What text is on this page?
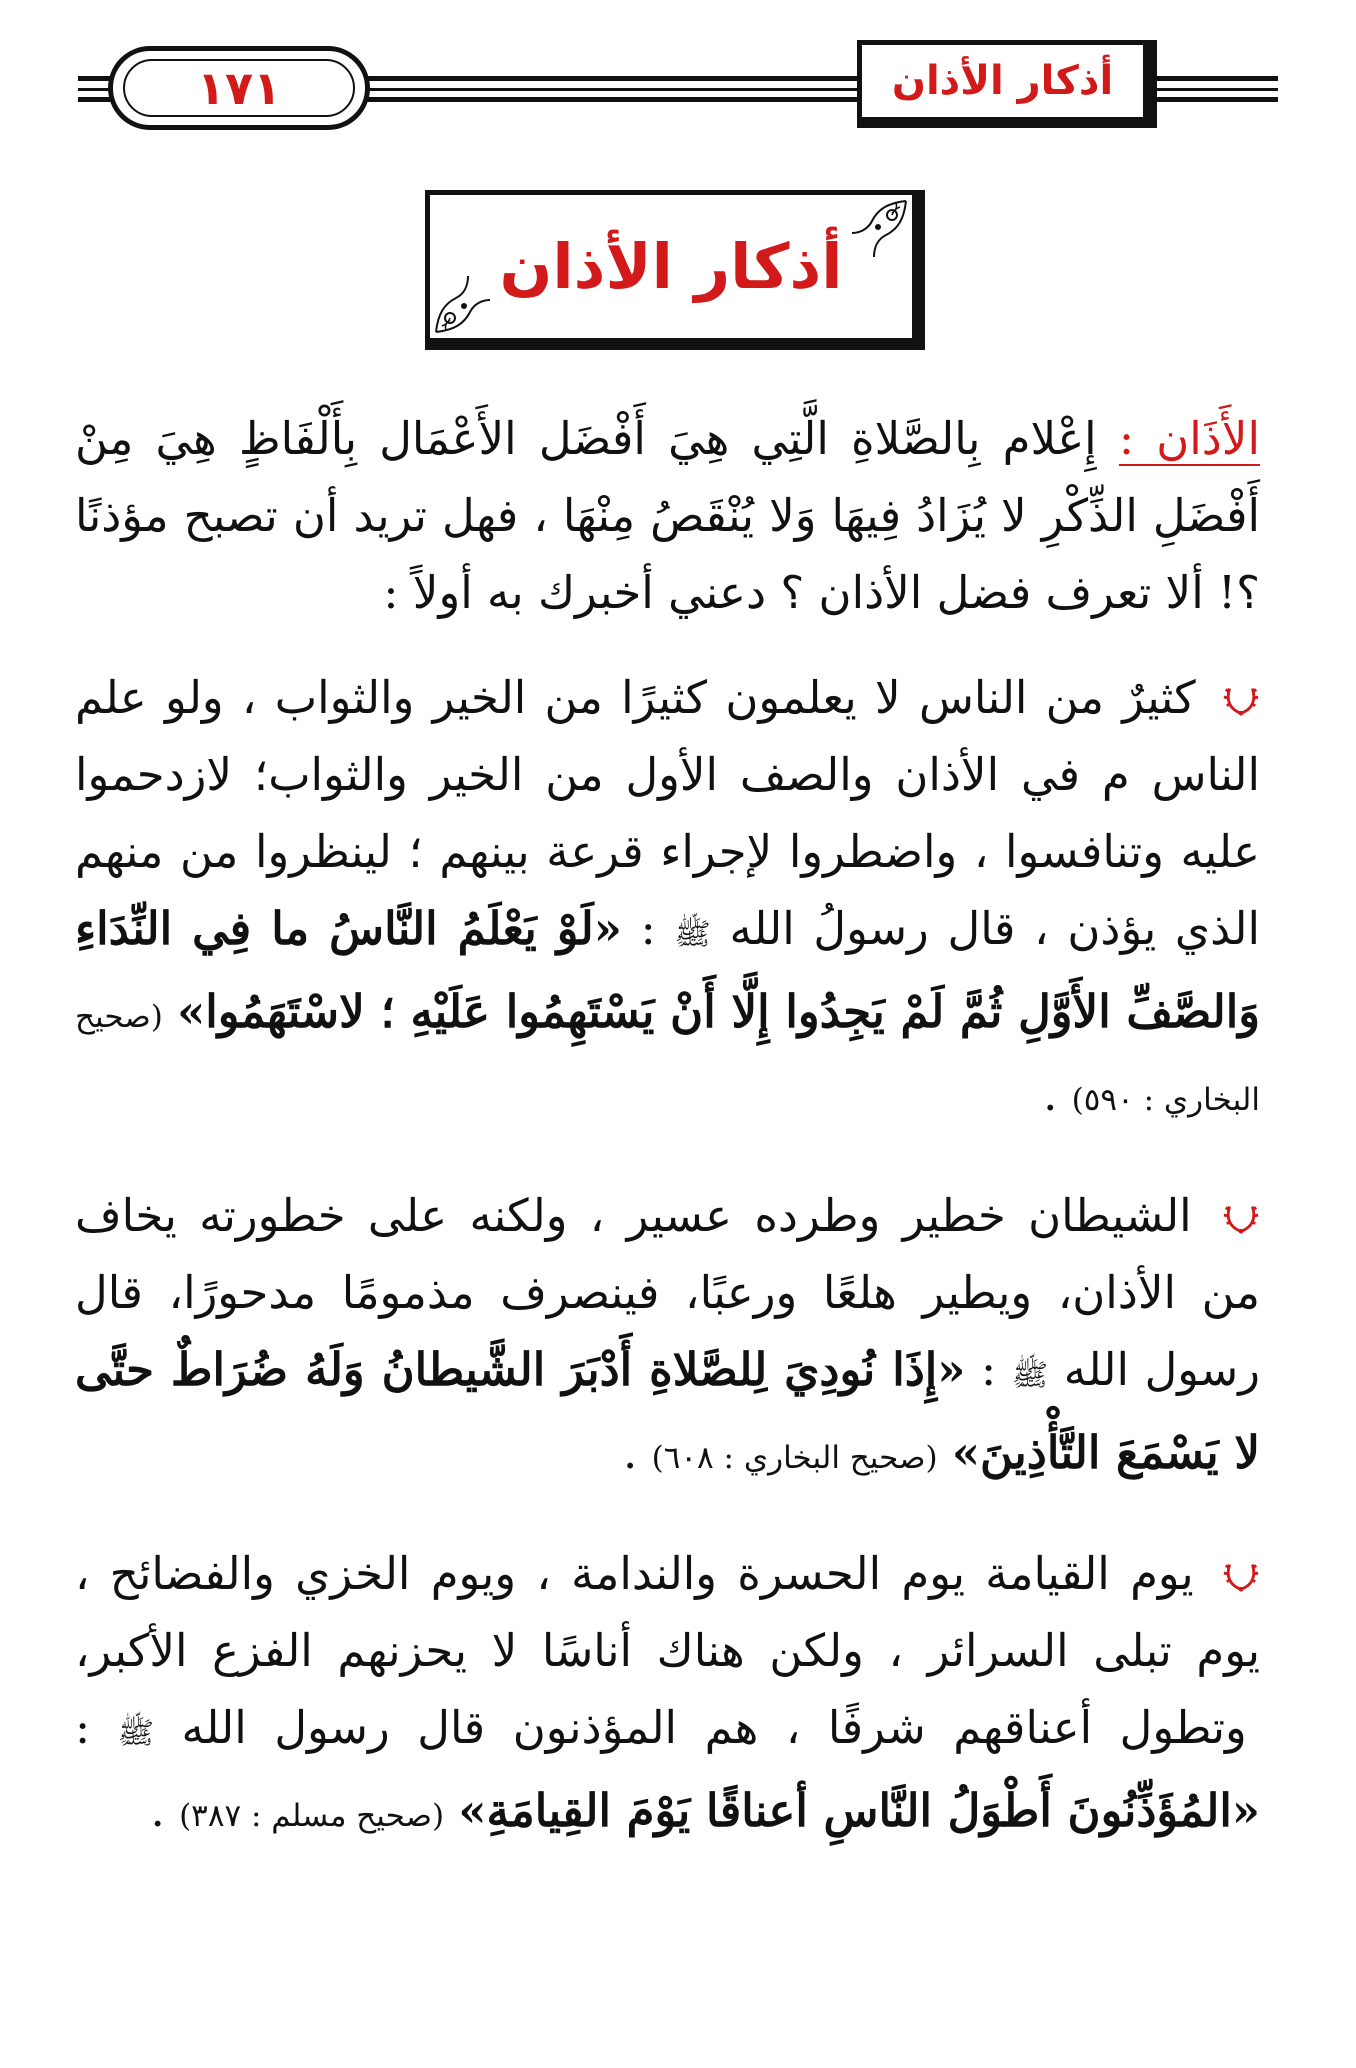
١٧١	أذكار الأذان
أذكار الأذان

الأَذَان : إِعْلام بِالصَّلاةِ الَّتِي هِيَ أَفْضَل الأَعْمَال بِأَلْفَاظٍ هِيَ مِنْ أَفْضَلِ الذِّكْرِ لا يُزَادُ فِيهَا وَلا يُنْقَصُ مِنْهَا ، فهل تريد أن تصبح مؤذنًا ؟! ألا تعرف فضل الأذان ؟ دعني أخبرك به أولاً :

كثيرٌ من الناس لا يعلمون كثيرًا من الخير والثواب ، ولو علم الناس م في الأذان والصف الأول من الخير والثواب؛ لازدحموا عليه وتنافسوا ، واضطروا لإجراء قرعة بينهم ؛ لينظروا من منهم الذي يؤذن ، قال رسولُ الله ﷺ : «لَوْ يَعْلَمُ النَّاسُ ما فِي النِّدَاءِ وَالصَّفِّ الأَوَّلِ ثُمَّ لَمْ يَجِدُوا إِلَّا أَنْ يَسْتَهِمُوا عَلَيْهِ ؛ لاسْتَهَمُوا» (صحيح البخاري : ٥٩٠) .

الشيطان خطير وطرده عسير ، ولكنه على خطورته يخاف من الأذان، ويطير هلعًا ورعبًا، فينصرف مذمومًا مدحورًا، قال رسول الله ﷺ : «إِذَا نُودِيَ لِلصَّلاةِ أَدْبَرَ الشَّيطانُ وَلَهُ ضُرَاطٌ حتَّى لا يَسْمَعَ التَّأْذِينَ» (صحيح البخاري : ٦٠٨) .

يوم القيامة يوم الحسرة والندامة ، ويوم الخزي والفضائح ، يوم تبلى السرائر ، ولكن هناك أناسًا لا يحزنهم الفزع الأكبر، وتطول أعناقهم شرفًا ، هم المؤذنون قال رسول الله ﷺ : «المُؤَذِّنُونَ أَطْوَلُ النَّاسِ أعناقًا يَوْمَ القِيامَةِ» (صحيح مسلم : ٣٨٧) .
